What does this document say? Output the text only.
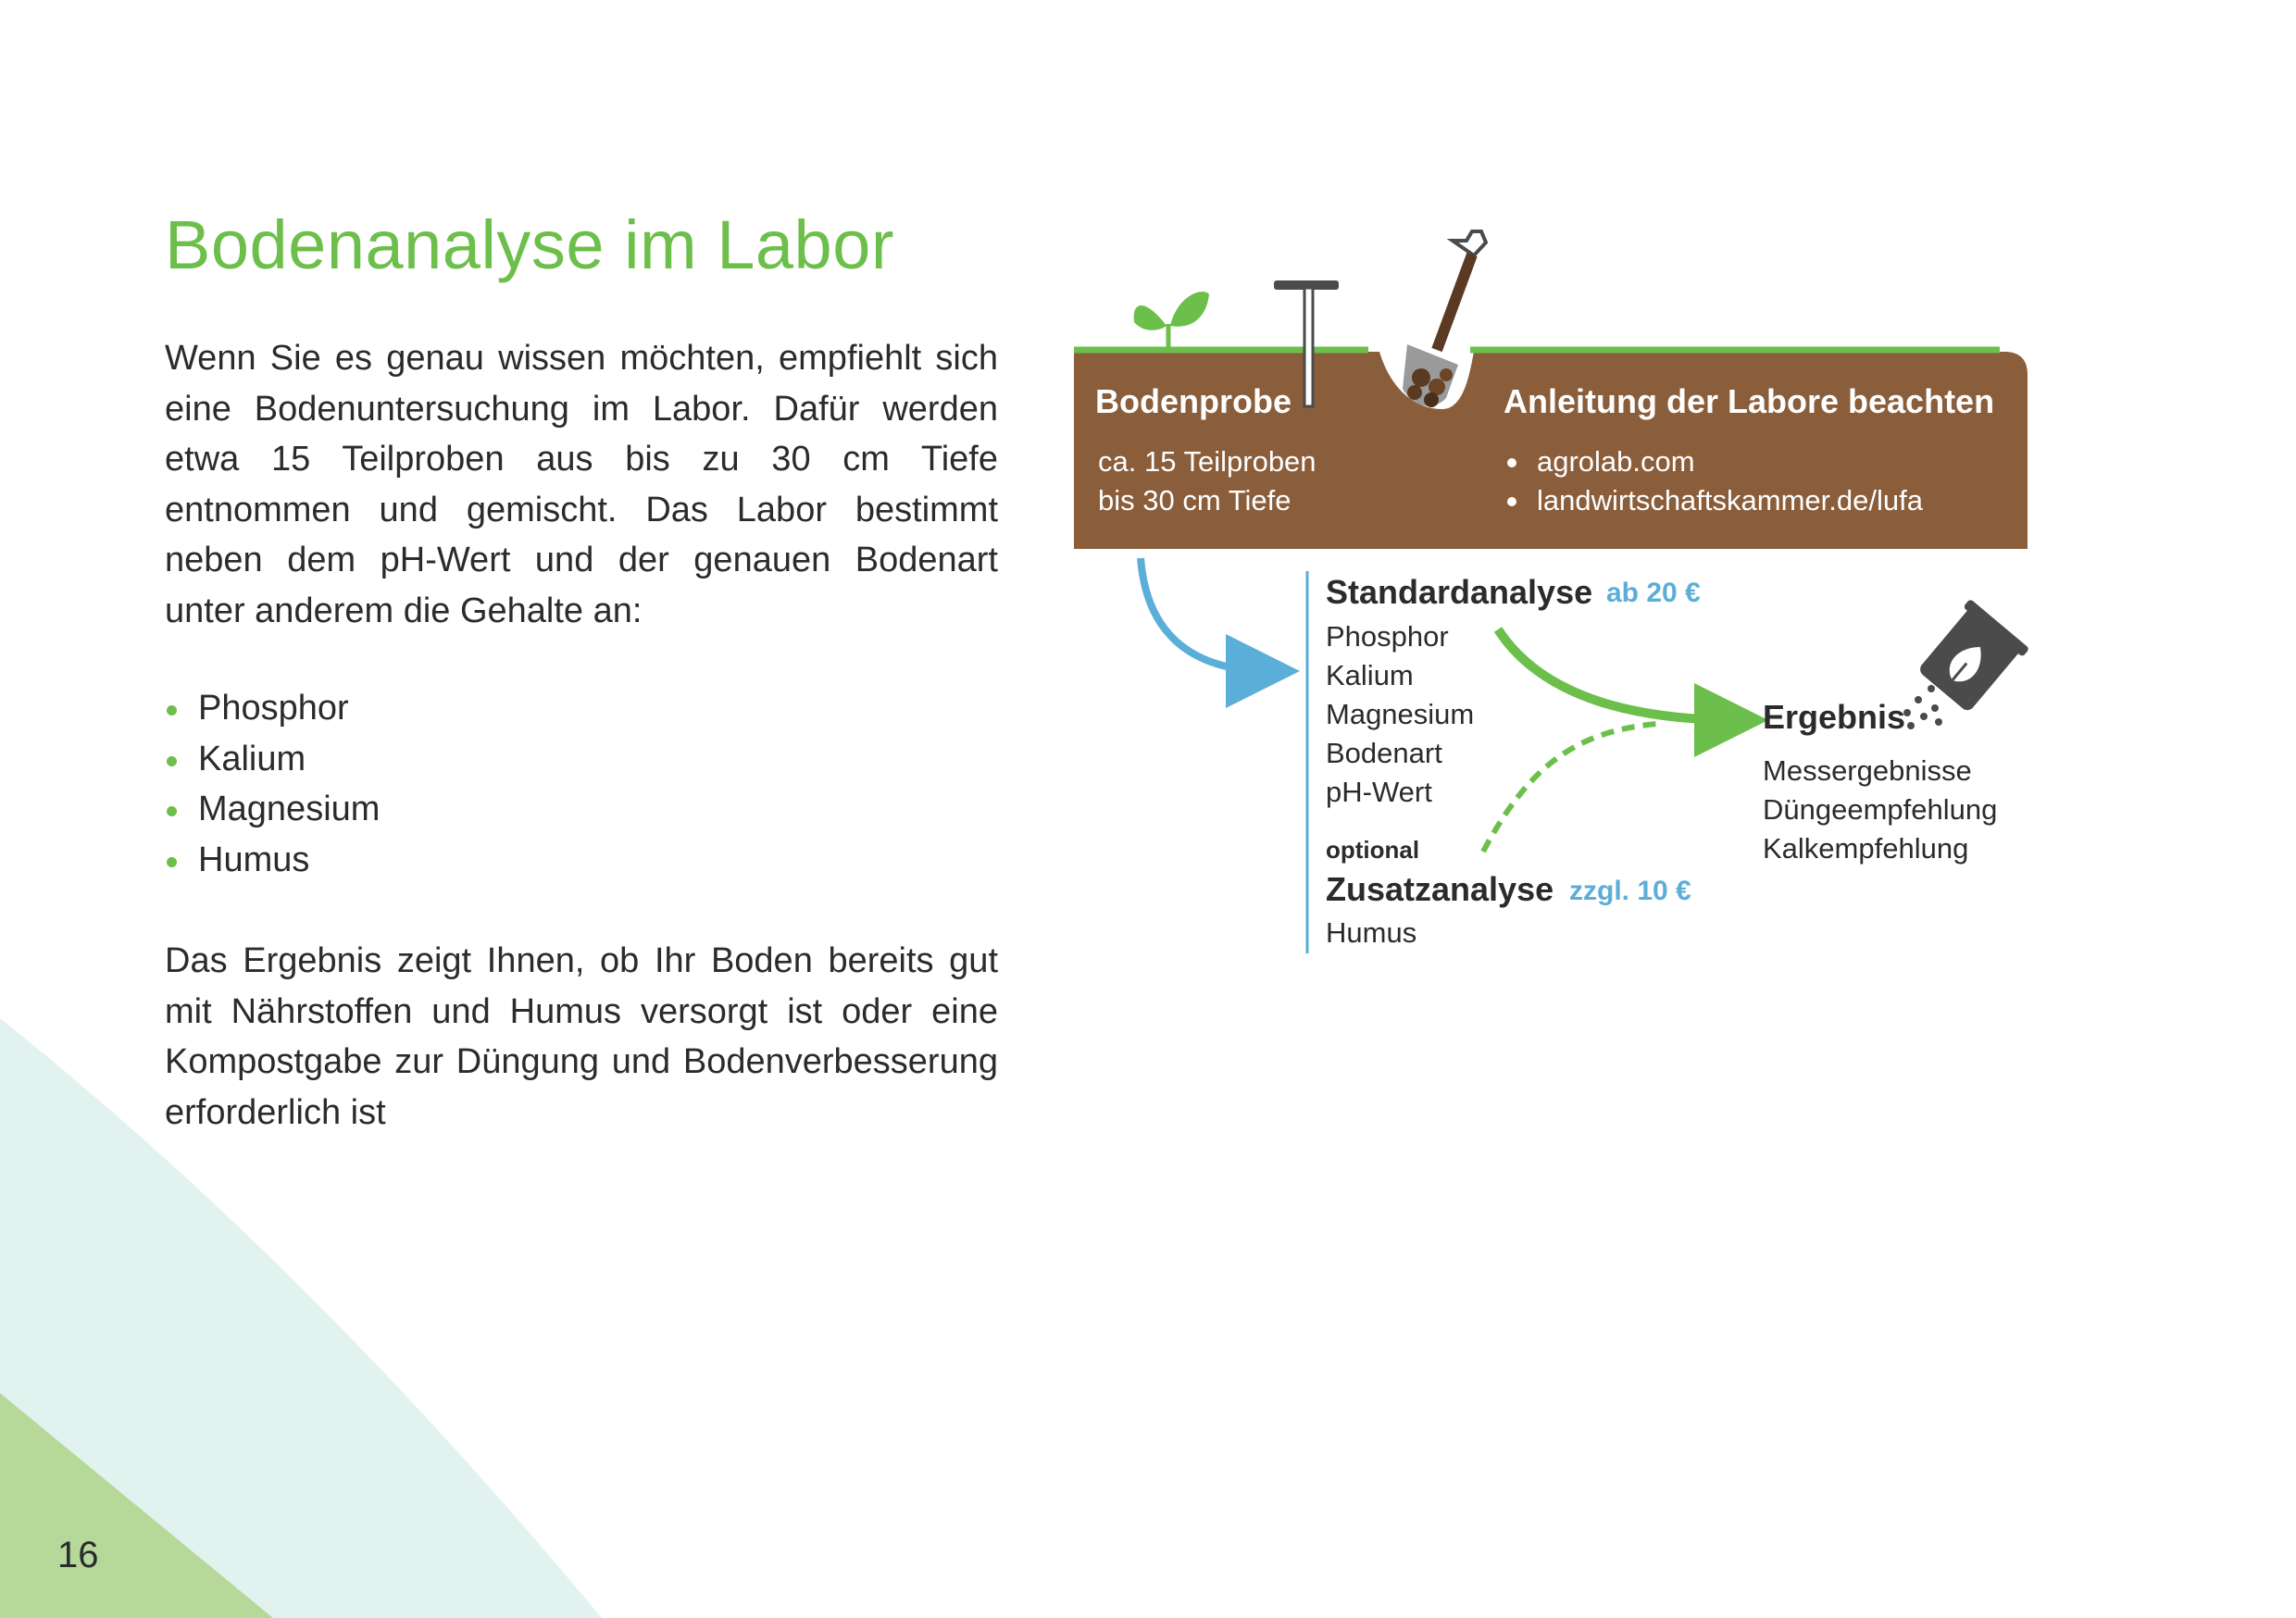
Bodenanalyse im Labor
Wenn Sie es genau wissen möchten, empfiehlt sich eine Bodenuntersuchung im Labor. Dafür werden etwa 15 Teilproben aus bis zu 30 cm Tiefe entnommen und gemischt. Das Labor bestimmt neben dem pH-Wert und der genauen Bodenart unter anderem die Gehalte an:
Phosphor
Kalium
Magnesium
Humus
Das Ergebnis zeigt Ihnen, ob Ihr Boden bereits gut mit Nährstoffen und Humus versorgt ist oder eine Kompostgabe zur Düngung und Bodenverbesserung erforderlich ist
16
Bodenprobe
ca. 15 Teilproben
bis 30 cm Tiefe
Anleitung der Labore beachten
agrolab.com
landwirtschaftskammer.de/lufa
Standardanalyse ab 20 €
Phosphor
Kalium
Magnesium
Bodenart
pH-Wert
optional
Zusatzanalyse zzgl. 10 €
Humus
Ergebnis
Messergebnisse
Düngeempfehlung
Kalkempfehlung
